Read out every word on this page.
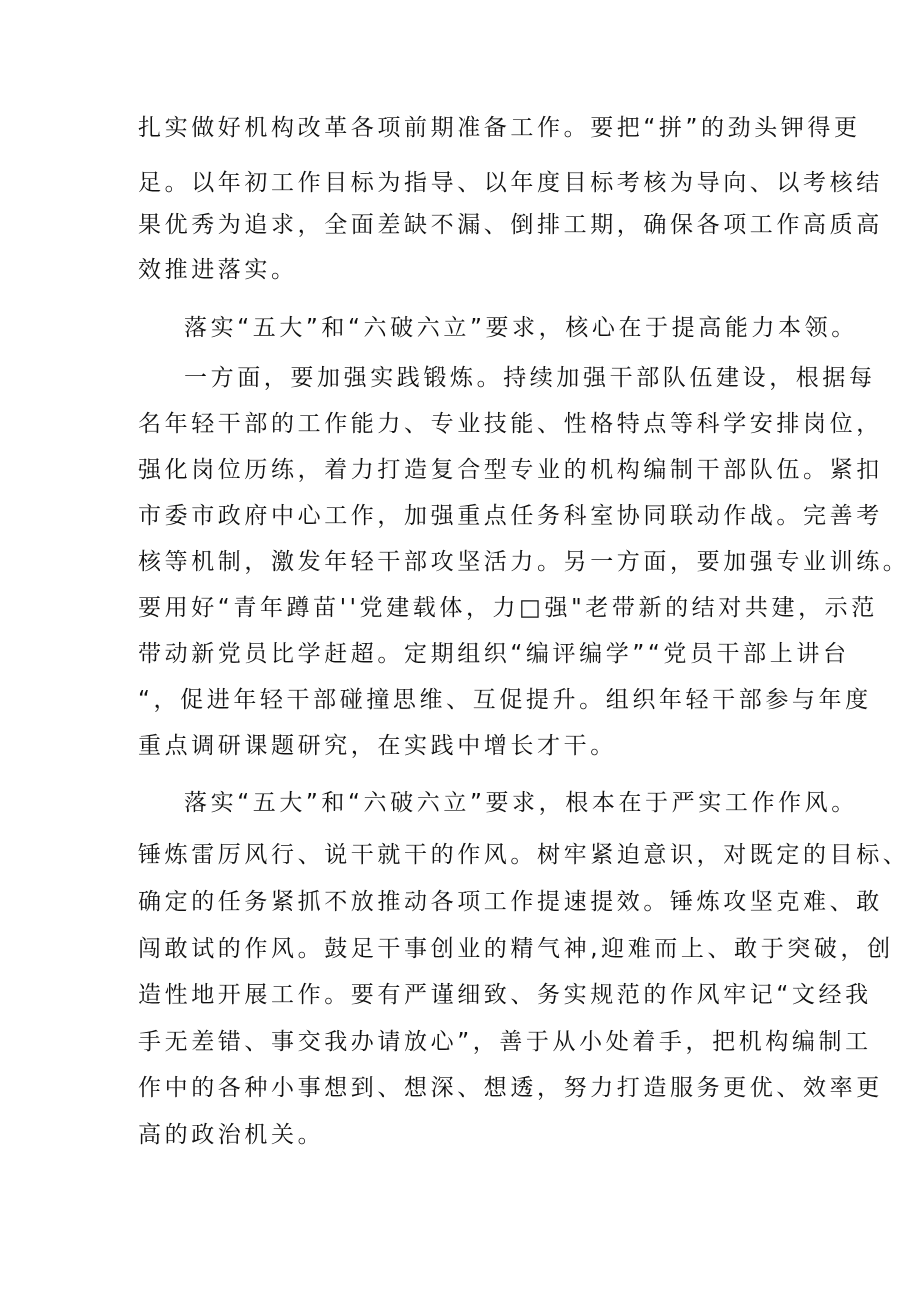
扎实做好机构改革各项前期准备工作。要把“拼”的劲头钾得更
足。以年初工作目标为指导、以年度目标考核为导向、以考核结
果优秀为追求，全面差缺不漏、倒排工期，确保各项工作高质高
效推进落实。
落实“五大”和“六破六立”要求，核心在于提高能力本领。
一方面，要加强实践锻炼。持续加强干部队伍建设，根据每
名年轻干部的工作能力、专业技能、性格特点等科学安排岗位，
强化岗位历练，着力打造复合型专业的机构编制干部队伍。紧扣
市委市政府中心工作，加强重点任务科室协同联动作战。完善考
核等机制，激发年轻干部攻坚活力。另一方面，要加强专业训练。
要用好“青年蹲苗''党建载体，力□强"老带新的结对共建，示范
带动新党员比学赶超。定期组织“编评编学”“党员干部上讲台
“，促进年轻干部碰撞思维、互促提升。组织年轻干部参与年度
重点调研课题研究，在实践中增长才干。
落实“五大”和“六破六立”要求，根本在于严实工作作风。
锤炼雷厉风行、说干就干的作风。树牢紧迫意识，对既定的目标、
确定的任务紧抓不放推动各项工作提速提效。锤炼攻坚克难、敢
闯敢试的作风。鼓足干事创业的精气神,迎难而上、敢于突破，创
造性地开展工作。要有严谨细致、务实规范的作风牢记“文经我
手无差错、事交我办请放心”，善于从小处着手，把机构编制工
作中的各种小事想到、想深、想透，努力打造服务更优、效率更
高的政治机关。
